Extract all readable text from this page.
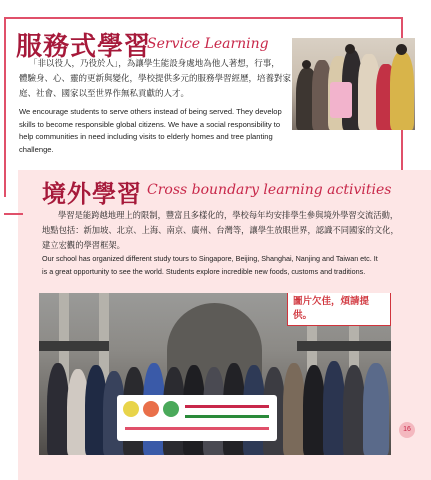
服務式學習
Service Learning
「非以役人，乃役於人」，為讓學生能設身處地為他人著想，行事，
體驗身、心、靈的更新與變化，學校提供多元的服務學習經歷，培養對家
庭、社會、國家以至世界作無私貢獻的人才。
We encourage students to serve others instead of being served. They develop
skills to become responsible global citizens. We have a social responsibility to
help communities in need including visits to elderly homes and tree planting
challenge.
境外學習 Cross boundary learning activities
學習是能跨越地理上的限制，豐富且多樣化的，學校每年均安排學生參與境外學習交流活動，
地點包括：新加坡、北京、上海、南京、廣州、台灣等，讓學生放眼世界，認識不同國家的文化，
建立宏觀的學習框架。
Our school has organized different study tours to Singapore, Beijing, Shanghai, Nanjing and Taiwan etc. It
is a great opportunity to see the world. Students explore incredible new foods, customs and traditions.
圖片欠佳，煩請提供。
16
